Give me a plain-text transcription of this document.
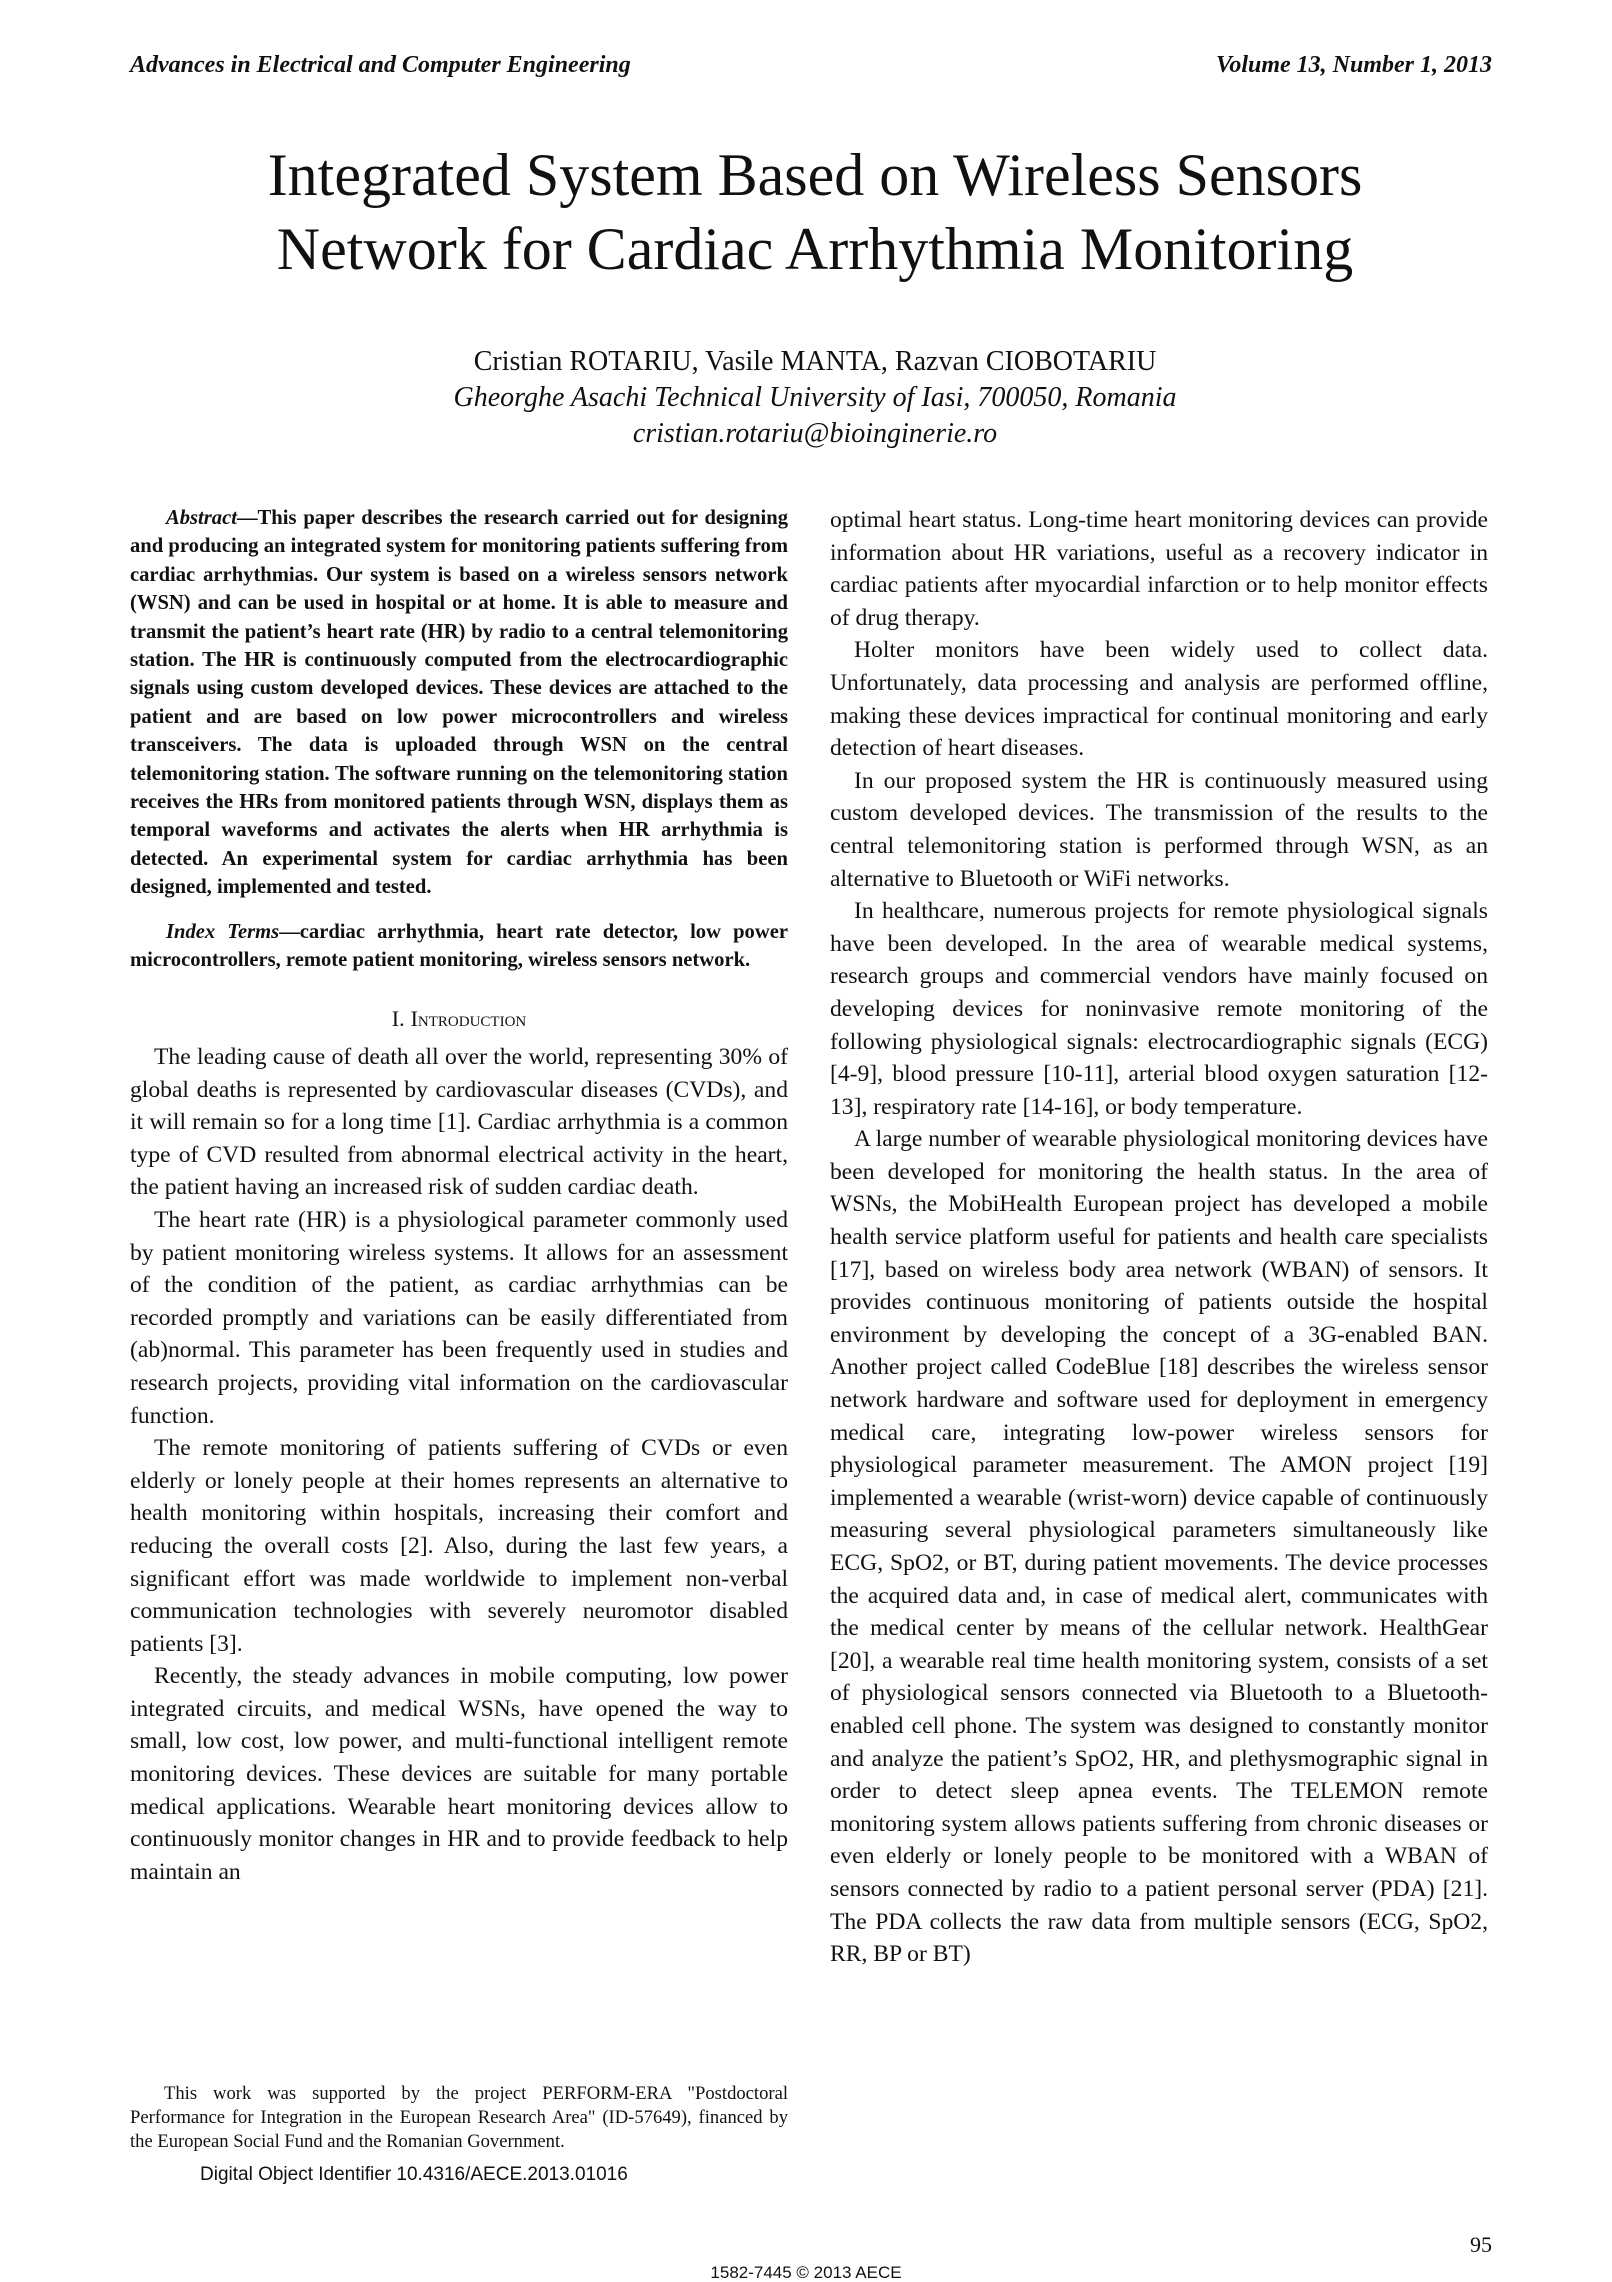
Advances in Electrical and Computer Engineering	Volume 13, Number 1, 2013
Integrated System Based on Wireless Sensors
Network for Cardiac Arrhythmia Monitoring
Cristian ROTARIU, Vasile MANTA, Razvan CIOBOTARIU
Gheorghe Asachi Technical University of Iasi, 700050, Romania
cristian.rotariu@bioinginerie.ro

Abstract—This paper describes the research carried out for designing and producing an integrated system for monitoring patients suffering from cardiac arrhythmias. Our system is based on a wireless sensors network (WSN) and can be used in hospital or at home. It is able to measure and transmit the patient’s heart rate (HR) by radio to a central telemonitoring station. The HR is continuously computed from the electrocardiographic signals using custom developed devices. These devices are attached to the patient and are based on low power microcontrollers and wireless transceivers. The data is uploaded through WSN on the central telemonitoring station. The software running on the telemonitoring station receives the HRs from monitored patients through WSN, displays them as temporal waveforms and activates the alerts when HR arrhythmia is detected. An experimental system for cardiac arrhythmia has been designed, implemented and tested.

Index Terms—cardiac arrhythmia, heart rate detector, low power microcontrollers, remote patient monitoring, wireless sensors network.

I. Introduction

The leading cause of death all over the world, representing 30% of global deaths is represented by cardiovascular diseases (CVDs), and it will remain so for a long time [1]. Cardiac arrhythmia is a common type of CVD resulted from abnormal electrical activity in the heart, the patient having an increased risk of sudden cardiac death.

The heart rate (HR) is a physiological parameter commonly used by patient monitoring wireless systems. It allows for an assessment of the condition of the patient, as cardiac arrhythmias can be recorded promptly and variations can be easily differentiated from (ab)normal. This parameter has been frequently used in studies and research projects, providing vital information on the cardiovascular function.

The remote monitoring of patients suffering of CVDs or even elderly or lonely people at their homes represents an alternative to health monitoring within hospitals, increasing their comfort and reducing the overall costs [2]. Also, during the last few years, a significant effort was made worldwide to implement non-verbal communication technologies with severely neuromotor disabled patients [3].

Recently, the steady advances in mobile computing, low power integrated circuits, and medical WSNs, have opened the way to small, low cost, low power, and multi-functional intelligent remote monitoring devices. These devices are suitable for many portable medical applications. Wearable heart monitoring devices allow to continuously monitor changes in HR and to provide feedback to help maintain an

optimal heart status. Long-time heart monitoring devices can provide information about HR variations, useful as a recovery indicator in cardiac patients after myocardial infarction or to help monitor effects of drug therapy.

Holter monitors have been widely used to collect data. Unfortunately, data processing and analysis are performed offline, making these devices impractical for continual monitoring and early detection of heart diseases.

In our proposed system the HR is continuously measured using custom developed devices. The transmission of the results to the central telemonitoring station is performed through WSN, as an alternative to Bluetooth or WiFi networks.

In healthcare, numerous projects for remote physiological signals have been developed. In the area of wearable medical systems, research groups and commercial vendors have mainly focused on developing devices for noninvasive remote monitoring of the following physiological signals: electrocardiographic signals (ECG) [4-9], blood pressure [10-11], arterial blood oxygen saturation [12-13], respiratory rate [14-16], or body temperature.

A large number of wearable physiological monitoring devices have been developed for monitoring the health status. In the area of WSNs, the MobiHealth European project has developed a mobile health service platform useful for patients and health care specialists [17], based on wireless body area network (WBAN) of sensors. It provides continuous monitoring of patients outside the hospital environment by developing the concept of a 3G-enabled BAN. Another project called CodeBlue [18] describes the wireless sensor network hardware and software used for deployment in emergency medical care, integrating low-power wireless sensors for physiological parameter measurement. The AMON project [19] implemented a wearable (wrist-worn) device capable of continuously measuring several physiological parameters simultaneously like ECG, SpO2, or BT, during patient movements. The device processes the acquired data and, in case of medical alert, communicates with the medical center by means of the cellular network. HealthGear [20], a wearable real time health monitoring system, consists of a set of physiological sensors connected via Bluetooth to a Bluetooth-enabled cell phone. The system was designed to constantly monitor and analyze the patient’s SpO2, HR, and plethysmographic signal in order to detect sleep apnea events. The TELEMON remote monitoring system allows patients suffering from chronic diseases or even elderly or lonely people to be monitored with a WBAN of sensors connected by radio to a patient personal server (PDA) [21]. The PDA collects the raw data from multiple sensors (ECG, SpO2, RR, BP or BT)

This work was supported by the project PERFORM-ERA "Postdoctoral Performance for Integration in the European Research Area" (ID-57649), financed by the European Social Fund and the Romanian Government.
Digital Object Identifier 10.4316/AECE.2013.01016
95
1582-7445 © 2013 AECE
